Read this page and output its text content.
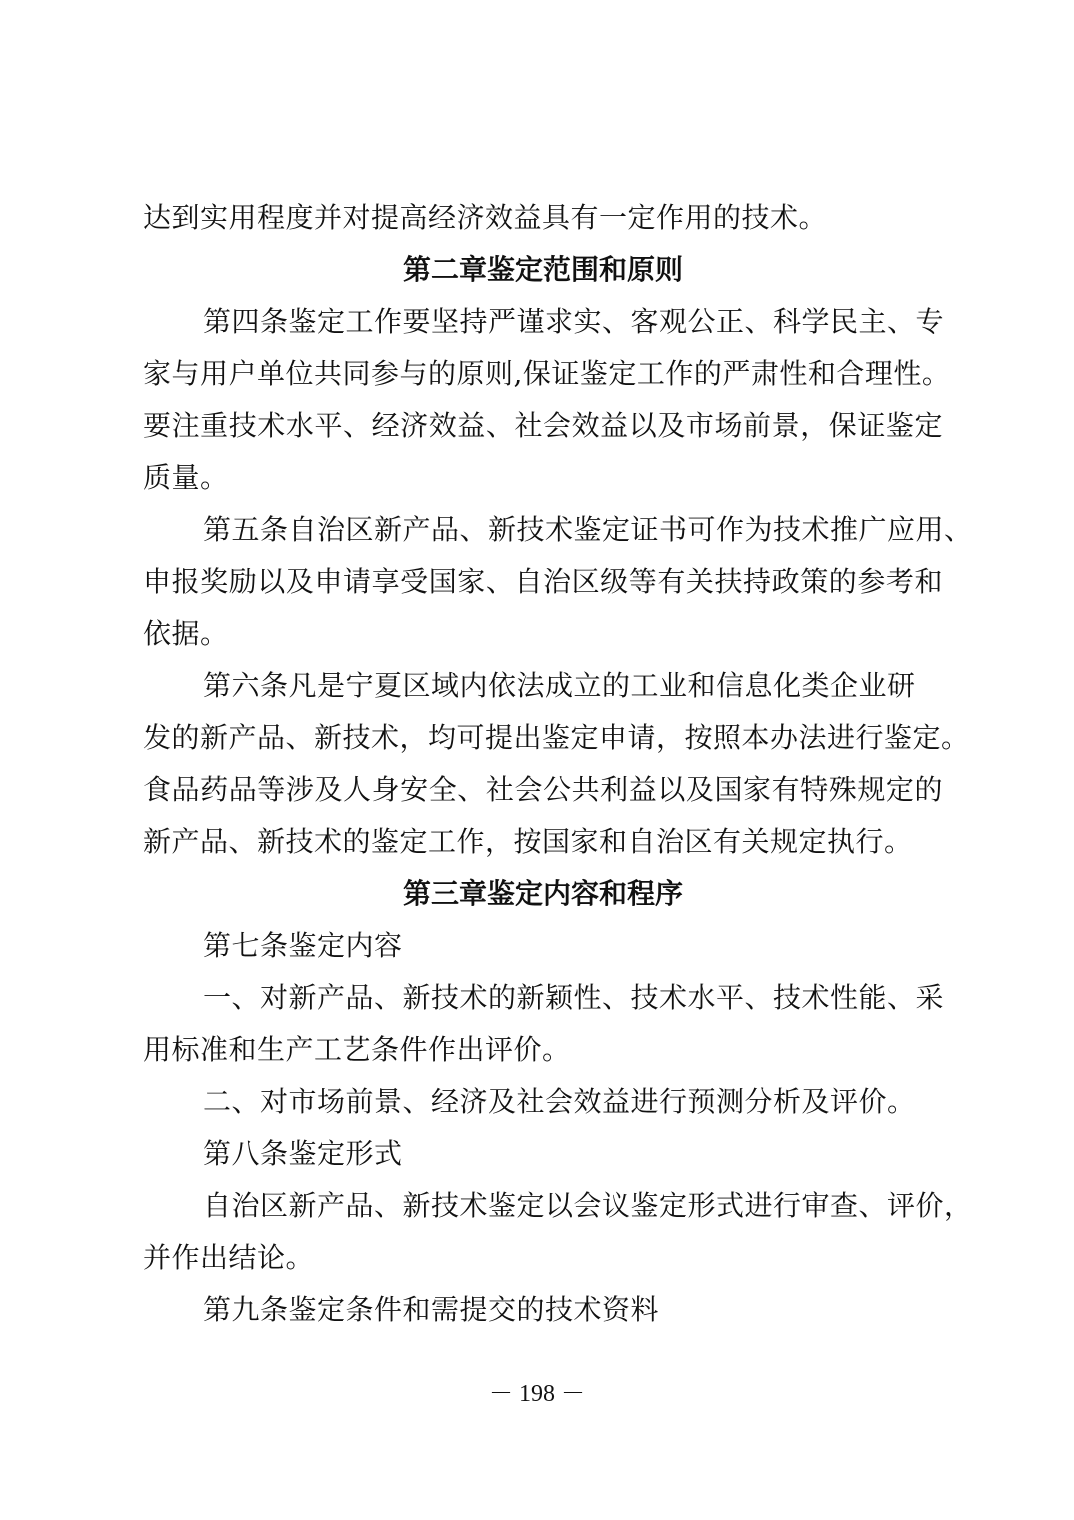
达到实用程度并对提高经济效益具有一定作用的技术。

第二章鉴定范围和原则

第四条鉴定工作要坚持严谨求实、客观公正、科学民主、专

家与用户单位共同参与的原则,保证鉴定工作的严肃性和合理性。

要注重技术水平、经济效益、社会效益以及市场前景，保证鉴定

质量。

第五条自治区新产品、新技术鉴定证书可作为技术推广应用、

申报奖励以及申请享受国家、自治区级等有关扶持政策的参考和

依据。

第六条凡是宁夏区域内依法成立的工业和信息化类企业研

发的新产品、新技术，均可提出鉴定申请，按照本办法进行鉴定。

食品药品等涉及人身安全、社会公共利益以及国家有特殊规定的

新产品、新技术的鉴定工作，按国家和自治区有关规定执行。

第三章鉴定内容和程序

第七条鉴定内容

一、对新产品、新技术的新颖性、技术水平、技术性能、采

用标准和生产工艺条件作出评价。

二、对市场前景、经济及社会效益进行预测分析及评价。

第八条鉴定形式

自治区新产品、新技术鉴定以会议鉴定形式进行审查、评价，

并作出结论。

第九条鉴定条件和需提交的技术资料

－ 198 －
